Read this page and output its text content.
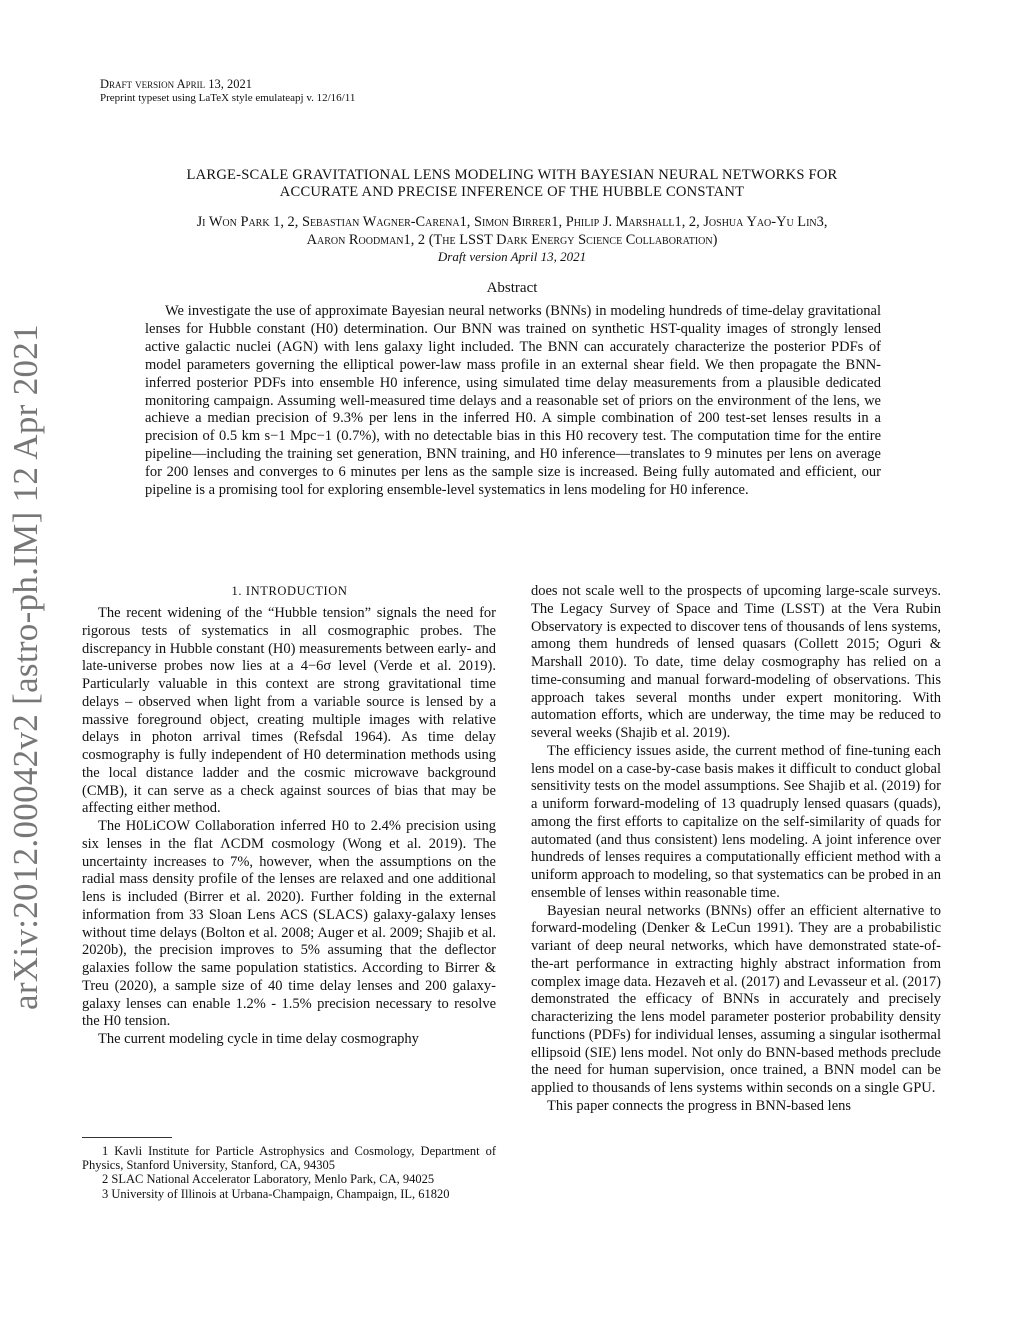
Draft version April 13, 2021
Preprint typeset using LaTeX style emulateapj v. 12/16/11
arXiv:2012.00042v2 [astro-ph.IM] 12 Apr 2021
LARGE-SCALE GRAVITATIONAL LENS MODELING WITH BAYESIAN NEURAL NETWORKS FOR
ACCURATE AND PRECISE INFERENCE OF THE HUBBLE CONSTANT
Ji Won Park 1, 2, Sebastian Wagner-Carena1, Simon Birrer1, Philip J. Marshall1, 2, Joshua Yao-Yu Lin3,
Aaron Roodman1, 2 (The LSST Dark Energy Science Collaboration)
Draft version April 13, 2021
Abstract
We investigate the use of approximate Bayesian neural networks (BNNs) in modeling hundreds of time-delay gravitational lenses for Hubble constant (H0) determination. Our BNN was trained on synthetic HST-quality images of strongly lensed active galactic nuclei (AGN) with lens galaxy light included. The BNN can accurately characterize the posterior PDFs of model parameters governing the elliptical power-law mass profile in an external shear field. We then propagate the BNN-inferred posterior PDFs into ensemble H0 inference, using simulated time delay measurements from a plausible dedicated monitoring campaign. Assuming well-measured time delays and a reasonable set of priors on the environment of the lens, we achieve a median precision of 9.3% per lens in the inferred H0. A simple combination of 200 test-set lenses results in a precision of 0.5 km s−1 Mpc−1 (0.7%), with no detectable bias in this H0 recovery test. The computation time for the entire pipeline—including the training set generation, BNN training, and H0 inference—translates to 9 minutes per lens on average for 200 lenses and converges to 6 minutes per lens as the sample size is increased. Being fully automated and efficient, our pipeline is a promising tool for exploring ensemble-level systematics in lens modeling for H0 inference.
1. INTRODUCTION

The recent widening of the “Hubble tension” signals the need for rigorous tests of systematics in all cosmographic probes. The discrepancy in Hubble constant (H0) measurements between early- and late-universe probes now lies at a 4−6σ level (Verde et al. 2019). Particularly valuable in this context are strong gravitational time delays – observed when light from a variable source is lensed by a massive foreground object, creating multiple images with relative delays in photon arrival times (Refsdal 1964). As time delay cosmography is fully independent of H0 determination methods using the local distance ladder and the cosmic microwave background (CMB), it can serve as a check against sources of bias that may be affecting either method.

The H0LiCOW Collaboration inferred H0 to 2.4% precision using six lenses in the flat ΛCDM cosmology (Wong et al. 2019). The uncertainty increases to 7%, however, when the assumptions on the radial mass density profile of the lenses are relaxed and one additional lens is included (Birrer et al. 2020). Further folding in the external information from 33 Sloan Lens ACS (SLACS) galaxy-galaxy lenses without time delays (Bolton et al. 2008; Auger et al. 2009; Shajib et al. 2020b), the precision improves to 5% assuming that the deflector galaxies follow the same population statistics. According to Birrer & Treu (2020), a sample size of 40 time delay lenses and 200 galaxy-galaxy lenses can enable 1.2% - 1.5% precision necessary to resolve the H0 tension.

The current modeling cycle in time delay cosmography

1 Kavli Institute for Particle Astrophysics and Cosmology, Department of Physics, Stanford University, Stanford, CA, 94305
2 SLAC National Accelerator Laboratory, Menlo Park, CA, 94025
3 University of Illinois at Urbana-Champaign, Champaign, IL, 61820

does not scale well to the prospects of upcoming large-scale surveys. The Legacy Survey of Space and Time (LSST) at the Vera Rubin Observatory is expected to discover tens of thousands of lens systems, among them hundreds of lensed quasars (Collett 2015; Oguri & Marshall 2010). To date, time delay cosmography has relied on a time-consuming and manual forward-modeling of observations. This approach takes several months under expert monitoring. With automation efforts, which are underway, the time may be reduced to several weeks (Shajib et al. 2019).

The efficiency issues aside, the current method of fine-tuning each lens model on a case-by-case basis makes it difficult to conduct global sensitivity tests on the model assumptions. See Shajib et al. (2019) for a uniform forward-modeling of 13 quadruply lensed quasars (quads), among the first efforts to capitalize on the self-similarity of quads for automated (and thus consistent) lens modeling. A joint inference over hundreds of lenses requires a computationally efficient method with a uniform approach to modeling, so that systematics can be probed in an ensemble of lenses within reasonable time.

Bayesian neural networks (BNNs) offer an efficient alternative to forward-modeling (Denker & LeCun 1991). They are a probabilistic variant of deep neural networks, which have demonstrated state-of-the-art performance in extracting highly abstract information from complex image data. Hezaveh et al. (2017) and Levasseur et al. (2017) demonstrated the efficacy of BNNs in accurately and precisely characterizing the lens model parameter posterior probability density functions (PDFs) for individual lenses, assuming a singular isothermal ellipsoid (SIE) lens model. Not only do BNN-based methods preclude the need for human supervision, once trained, a BNN model can be applied to thousands of lens systems within seconds on a single GPU.

This paper connects the progress in BNN-based lens
